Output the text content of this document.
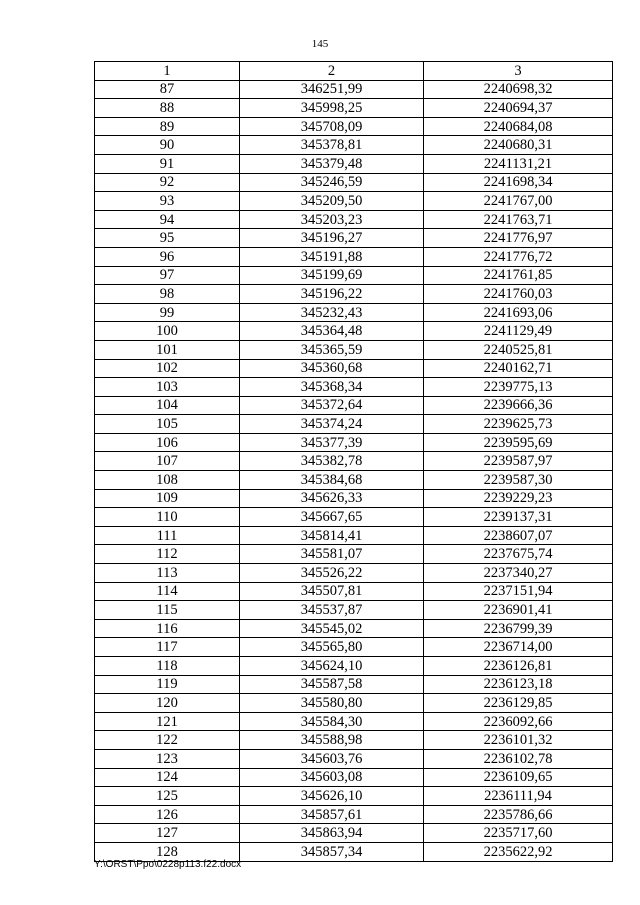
145
1	2	3
87	346251,99	2240698,32
88	345998,25	2240694,37
89	345708,09	2240684,08
90	345378,81	2240680,31
91	345379,48	2241131,21
92	345246,59	2241698,34
93	345209,50	2241767,00
94	345203,23	2241763,71
95	345196,27	2241776,97
96	345191,88	2241776,72
97	345199,69	2241761,85
98	345196,22	2241760,03
99	345232,43	2241693,06
100	345364,48	2241129,49
101	345365,59	2240525,81
102	345360,68	2240162,71
103	345368,34	2239775,13
104	345372,64	2239666,36
105	345374,24	2239625,73
106	345377,39	2239595,69
107	345382,78	2239587,97
108	345384,68	2239587,30
109	345626,33	2239229,23
110	345667,65	2239137,31
111	345814,41	2238607,07
112	345581,07	2237675,74
113	345526,22	2237340,27
114	345507,81	2237151,94
115	345537,87	2236901,41
116	345545,02	2236799,39
117	345565,80	2236714,00
118	345624,10	2236126,81
119	345587,58	2236123,18
120	345580,80	2236129,85
121	345584,30	2236092,66
122	345588,98	2236101,32
123	345603,76	2236102,78
124	345603,08	2236109,65
125	345626,10	2236111,94
126	345857,61	2235786,66
127	345863,94	2235717,60
128	345857,34	2235622,92
Y:\ORST\Ppo\0228p113.f22.docx
